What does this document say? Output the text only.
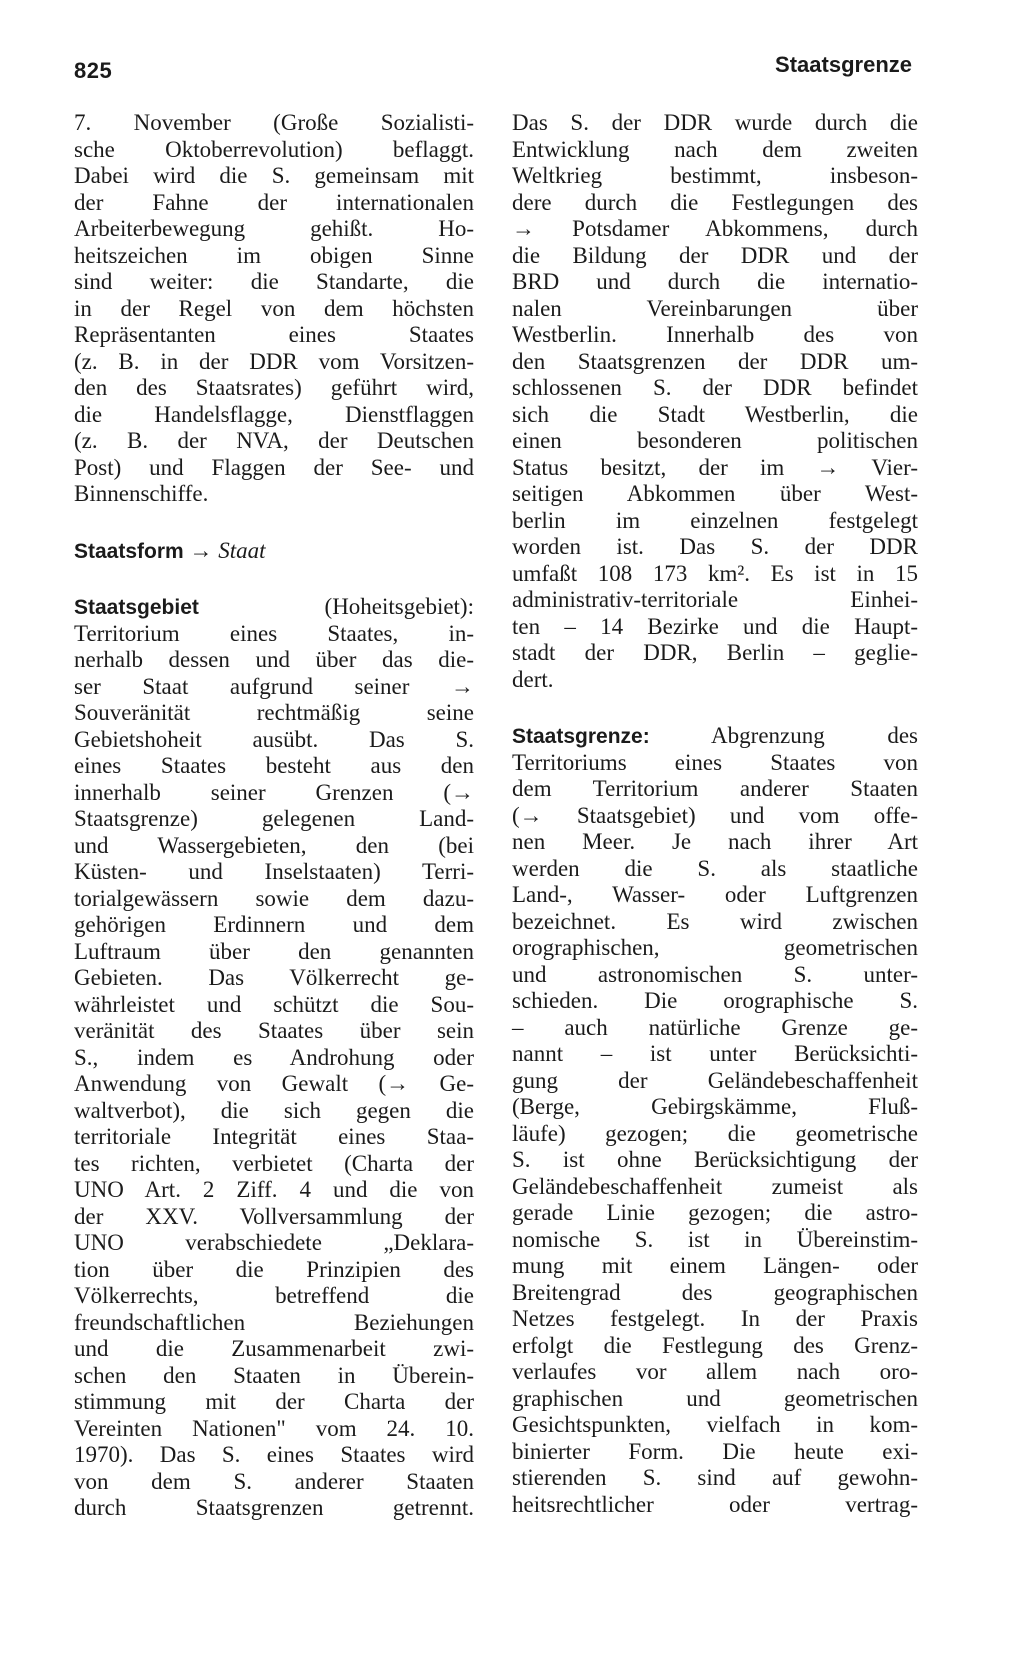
825	Staatsgrenze
7. November (Große Sozialisti-
sche Oktoberrevolution) beflaggt.
Dabei wird die S. gemeinsam mit
der Fahne der internationalen
Arbeiterbewegung gehißt. Ho-
heitszeichen im obigen Sinne
sind weiter: die Standarte, die
in der Regel von dem höchsten
Repräsentanten eines Staates
(z. B. in der DDR vom Vorsitzen-
den des Staatsrates) geführt wird,
die Handelsflagge, Dienstflaggen
(z. B. der NVA, der Deutschen
Post) und Flaggen der See- und
Binnenschiffe.
Staatsform → Staat
Staatsgebiet	(Hoheitsgebiet):
Territorium eines Staates, in-
nerhalb dessen und über das die-
ser Staat aufgrund seiner →
Souveränität rechtmäßig seine
Gebietshoheit ausübt. Das S.
eines Staates besteht aus den
innerhalb seiner Grenzen (→
Staatsgrenze) gelegenen Land-
und Wassergebieten, den (bei
Küsten- und Inselstaaten) Terri-
torialgewässern sowie dem dazu-
gehörigen Erdinnern und dem
Luftraum über den genannten
Gebieten. Das Völkerrecht ge-
währleistet und schützt die Sou-
veränität des Staates über sein
S., indem es Androhung oder
Anwendung von Gewalt (→ Ge-
waltverbot), die sich gegen die
territoriale Integrität eines Staa-
tes richten, verbietet (Charta der
UNO Art. 2 Ziff. 4 und die von
der XXV. Vollversammlung der
UNO verabschiedete „Deklara-
tion über die Prinzipien des
Völkerrechts, betreffend die
freundschaftlichen Beziehungen
und die Zusammenarbeit zwi-
schen den Staaten in Überein-
stimmung mit der Charta der
Vereinten Nationen" vom 24. 10.
1970). Das S. eines Staates wird
von dem S. anderer Staaten
durch Staatsgrenzen getrennt.
Das S. der DDR wurde durch die
Entwicklung nach dem zweiten
Weltkrieg bestimmt, insbeson-
dere durch die Festlegungen des
→ Potsdamer Abkommens, durch
die Bildung der DDR und der
BRD und durch die internatio-
nalen Vereinbarungen über
Westberlin. Innerhalb des von
den Staatsgrenzen der DDR um-
schlossenen S. der DDR befindet
sich die Stadt Westberlin, die
einen besonderen politischen
Status besitzt, der im → Vier-
seitigen Abkommen über West-
berlin im einzelnen festgelegt
worden ist. Das S. der DDR
umfaßt 108 173 km². Es ist in 15
administrativ-territoriale Einhei-
ten – 14 Bezirke und die Haupt-
stadt der DDR, Berlin – geglie-
dert.
Staatsgrenze:	Abgrenzung des
Territoriums eines Staates von
dem Territorium anderer Staaten
(→ Staatsgebiet) und vom offe-
nen Meer. Je nach ihrer Art
werden die S. als staatliche
Land-, Wasser- oder Luftgrenzen
bezeichnet. Es wird zwischen
orographischen, geometrischen
und astronomischen S. unter-
schieden. Die orographische S.
– auch natürliche Grenze ge-
nannt – ist unter Berücksichti-
gung der Geländebeschaffenheit
(Berge, Gebirgskämme, Fluß-
läufe) gezogen; die geometrische
S. ist ohne Berücksichtigung der
Geländebeschaffenheit zumeist als
gerade Linie gezogen; die astro-
nomische S. ist in Übereinstim-
mung mit einem Längen- oder
Breitengrad des geographischen
Netzes festgelegt. In der Praxis
erfolgt die Festlegung des Grenz-
verlaufes vor allem nach oro-
graphischen und geometrischen
Gesichtspunkten, vielfach in kom-
binierter Form. Die heute exi-
stierenden S. sind auf gewohn-
heitsrechtlicher oder vertrag-
